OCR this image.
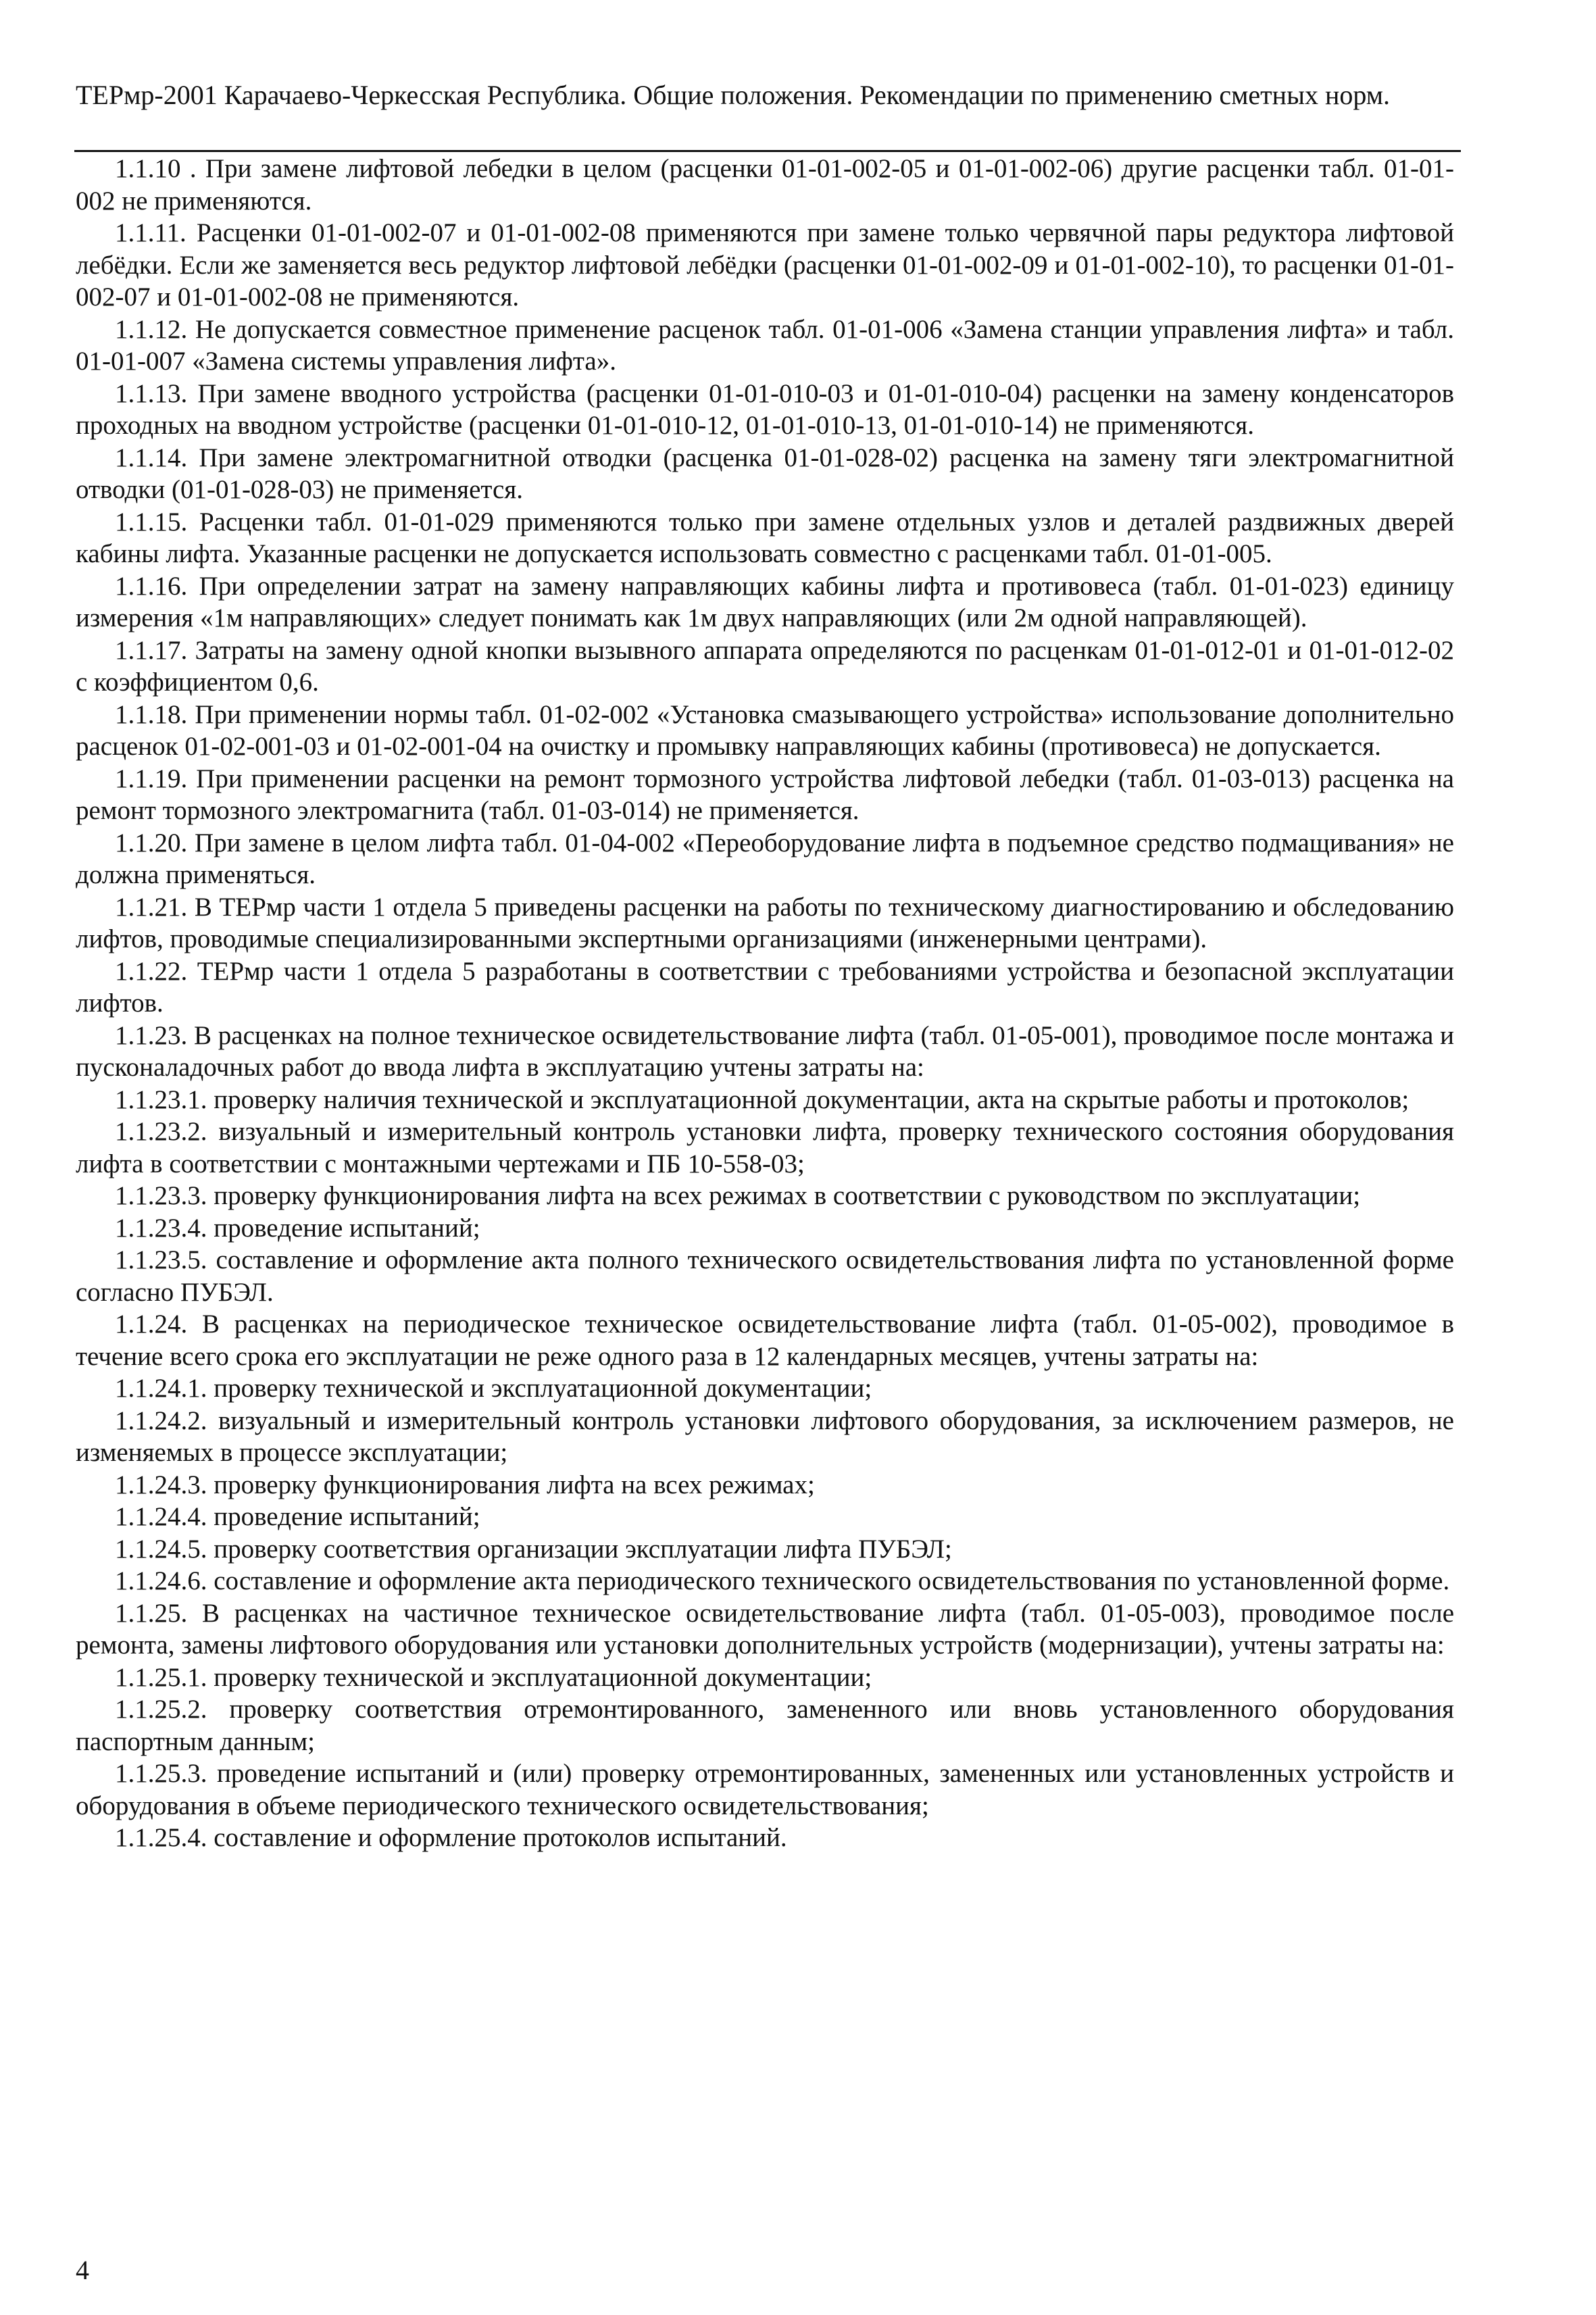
ТЕРмр-2001 Карачаево-Черкесская Республика. Общие положения. Рекомендации по применению сметных норм.

1.1.10 . При замене лифтовой лебедки в целом (расценки 01-01-002-05 и 01-01-002-06) другие расценки табл. 01-01-002 не применяются.

1.1.11. Расценки 01-01-002-07 и 01-01-002-08 применяются при замене только червячной пары редуктора лифтовой лебёдки. Если же заменяется весь редуктор лифтовой лебёдки (расценки 01-01-002-09 и 01-01-002-10), то расценки 01-01-002-07 и 01-01-002-08 не применяются.

1.1.12. Не допускается совместное применение расценок табл. 01-01-006 «Замена станции управления лифта» и табл. 01-01-007 «Замена системы управления лифта».

1.1.13. При замене вводного устройства (расценки 01-01-010-03 и 01-01-010-04) расценки на замену конденсаторов проходных на вводном устройстве (расценки 01-01-010-12, 01-01-010-13, 01-01-010-14) не применяются.

1.1.14. При замене электромагнитной отводки (расценка 01-01-028-02) расценка на замену тяги электромагнитной отводки (01-01-028-03) не применяется.

1.1.15. Расценки табл. 01-01-029 применяются только при замене отдельных узлов и деталей раздвижных дверей кабины лифта. Указанные расценки не допускается использовать совместно с расценками табл. 01-01-005.

1.1.16. При определении затрат на замену направляющих кабины лифта и противовеса (табл. 01-01-023) единицу измерения «1м направляющих» следует понимать как 1м двух направляющих (или 2м одной направляющей).

1.1.17. Затраты на замену одной кнопки вызывного аппарата определяются по расценкам 01-01-012-01 и 01-01-012-02 с коэффициентом 0,6.

1.1.18. При применении нормы табл. 01-02-002 «Установка смазывающего устройства» использование дополнительно расценок 01-02-001-03 и 01-02-001-04 на очистку и промывку направляющих кабины (противовеса) не допускается.

1.1.19. При применении расценки на ремонт тормозного устройства лифтовой лебедки (табл. 01-03-013) расценка на ремонт тормозного электромагнита (табл. 01-03-014) не применяется.

1.1.20. При замене в целом лифта табл. 01-04-002 «Переоборудование лифта в подъемное средство подмащивания» не должна применяться.

1.1.21. В ТЕРмр части 1 отдела 5 приведены расценки на работы по техническому диагностированию и обследованию лифтов, проводимые специализированными экспертными организациями (инженерными центрами).

1.1.22. ТЕРмр части 1 отдела 5 разработаны в соответствии с требованиями устройства и безопасной эксплуатации лифтов.

1.1.23. В расценках на полное техническое освидетельствование лифта (табл. 01-05-001), проводимое после монтажа и пусконаладочных работ до ввода лифта в эксплуатацию учтены затраты на:

1.1.23.1. проверку наличия технической и эксплуатационной документации, акта на скрытые работы и протоколов;

1.1.23.2. визуальный и измерительный контроль установки лифта, проверку технического состояния оборудования лифта в соответствии с монтажными чертежами и ПБ 10-558-03;

1.1.23.3. проверку функционирования лифта на всех режимах в соответствии с руководством по эксплуатации;

1.1.23.4. проведение испытаний;

1.1.23.5. составление и оформление акта полного технического освидетельствования лифта по установленной форме согласно ПУБЭЛ.

1.1.24. В расценках на периодическое техническое освидетельствование лифта (табл. 01-05-002), проводимое в течение всего срока его эксплуатации не реже одного раза в 12 календарных месяцев, учтены затраты на:

1.1.24.1. проверку технической и эксплуатационной документации;

1.1.24.2. визуальный и измерительный контроль установки лифтового оборудования, за исключением размеров, не изменяемых в процессе эксплуатации;

1.1.24.3. проверку функционирования лифта на всех режимах;

1.1.24.4. проведение испытаний;

1.1.24.5. проверку соответствия организации эксплуатации лифта ПУБЭЛ;

1.1.24.6. составление и оформление акта периодического технического освидетельствования по установленной форме.

1.1.25. В расценках на частичное техническое освидетельствование лифта (табл. 01-05-003), проводимое после ремонта, замены лифтового оборудования или установки дополнительных устройств (модернизации), учтены затраты на:

1.1.25.1. проверку технической и эксплуатационной документации;

1.1.25.2. проверку соответствия отремонтированного, замененного или вновь установленного оборудования паспортным данным;

1.1.25.3. проведение испытаний и (или) проверку отремонтированных, замененных или установленных устройств и оборудования в объеме периодического технического освидетельствования;

1.1.25.4. составление и оформление протоколов испытаний.

4
